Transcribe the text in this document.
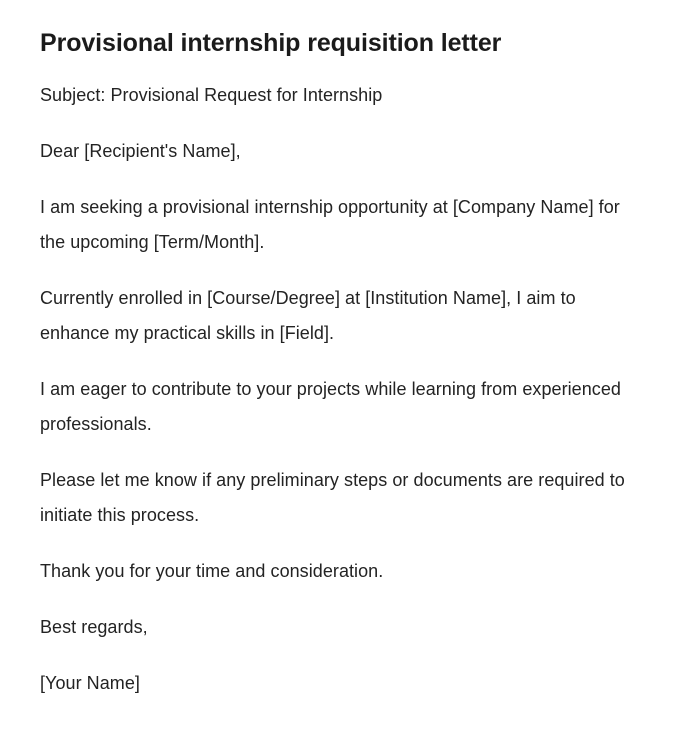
Provisional internship requisition letter

Subject: Provisional Request for Internship

Dear [Recipient's Name],

I am seeking a provisional internship opportunity at [Company Name] for the upcoming [Term/Month].

Currently enrolled in [Course/Degree] at [Institution Name], I aim to enhance my practical skills in [Field].

I am eager to contribute to your projects while learning from experienced professionals.

Please let me know if any preliminary steps or documents are required to initiate this process.

Thank you for your time and consideration.

Best regards,

[Your Name]
